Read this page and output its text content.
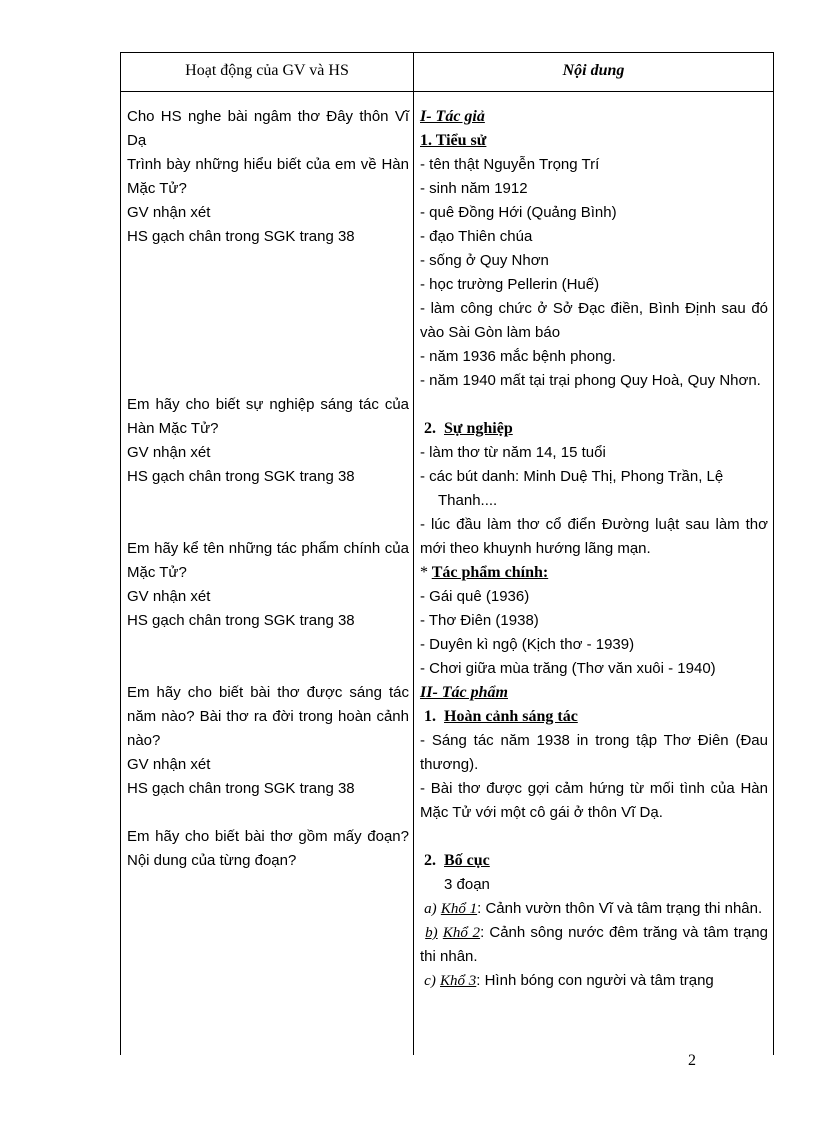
Hoạt động của GV và HS	Nội dung

Cho HS nghe bài ngâm thơ Đây thôn Vĩ Dạ

Trình bày những hiểu biết của em về Hàn Mặc Tử?

GV nhận xét

HS gạch chân trong SGK trang 38

Em hãy cho biết sự nghiệp sáng tác của Hàn Mặc Tử?

GV nhận xét

HS gạch chân trong SGK trang 38

Em hãy kể tên những tác phẩm chính của Mặc Tử?

GV nhận xét

HS gạch chân trong SGK trang 38

Em hãy cho biết bài thơ được sáng tác năm nào? Bài thơ ra đời trong hoàn cảnh nào?

GV nhận xét

HS gạch chân trong SGK trang 38

Em hãy cho biết bài thơ gồm mấy đoạn? Nội dung của từng đoạn?

I- Tác giả

1. Tiểu sử

- tên thật Nguyễn Trọng Trí

- sinh năm 1912

- quê Đồng Hới (Quảng Bình)

- đạo Thiên chúa

- sống ở Quy Nhơn

- học trường Pellerin (Huế)

- làm công chức ở Sở Đạc điền, Bình Định sau đó vào Sài Gòn làm báo

- năm 1936 mắc bệnh phong.

- năm 1940 mất tại trại phong Quy Hoà, Quy Nhơn.

2. Sự nghiệp

- làm thơ từ năm 14, 15 tuổi

- các bút danh: Minh Duệ Thị, Phong Trần, Lệ

Thanh....

- lúc đầu làm thơ cổ điển Đường luật sau làm thơ mới theo khuynh hướng lãng mạn.

* Tác phẩm chính:

- Gái quê (1936)

- Thơ Điên (1938)

- Duyên kì ngộ (Kịch thơ - 1939)

- Chơi giữa mùa trăng (Thơ văn xuôi - 1940)

II- Tác phẩm

1. Hoàn cảnh sáng tác

- Sáng tác năm 1938 in trong tập Thơ Điên (Đau thương).

- Bài thơ được gợi cảm hứng từ mối tình của Hàn Mặc Tử với một cô gái ở thôn Vĩ Dạ.

2. Bố cục

3 đoạn

a) Khổ 1: Cảnh vườn thôn Vĩ và tâm trạng thi nhân.

b) Khổ 2: Cảnh sông nước đêm trăng và tâm trạng thi nhân.

c) Khổ 3: Hình bóng con người và tâm trạng

2
